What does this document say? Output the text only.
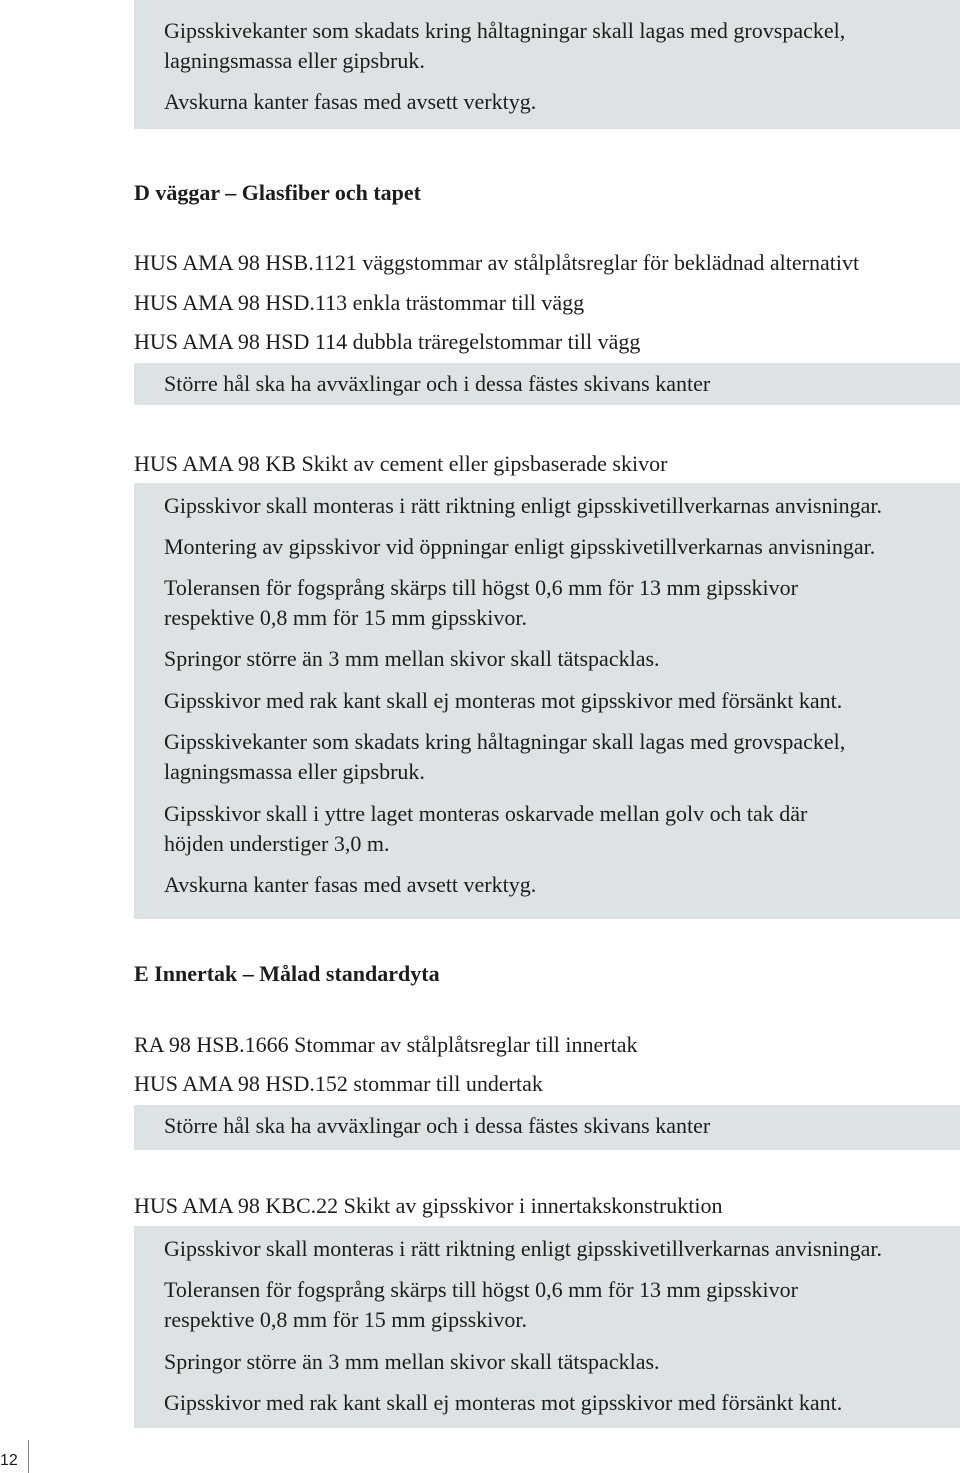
Gipsskivekanter som skadats kring håltagningar skall lagas med grovspackel,
lagningsmassa eller gipsbruk.
Avskurna kanter fasas med avsett verktyg.
D väggar – Glasfiber och tapet
HUS AMA 98 HSB.1121 väggstommar av stålplåtsreglar för beklädnad alternativt
HUS AMA 98 HSD.113 enkla trästommar till vägg
HUS AMA 98 HSD 114 dubbla träregelstommar till vägg
Större hål ska ha avväxlingar och i dessa fästes skivans kanter
HUS AMA 98 KB Skikt av cement eller gipsbaserade skivor
Gipsskivor skall monteras i rätt riktning enligt gipsskivetillverkarnas anvisningar.
Montering av gipsskivor vid öppningar enligt gipsskivetillverkarnas anvisningar.
Toleransen för fogsprång skärps till högst 0,6 mm för 13 mm gipsskivor
respektive 0,8 mm för 15 mm gipsskivor.
Springor större än 3 mm mellan skivor skall tätspacklas.
Gipsskivor med rak kant skall ej monteras mot gipsskivor med försänkt kant.
Gipsskivekanter som skadats kring håltagningar skall lagas med grovspackel,
lagningsmassa eller gipsbruk.
Gipsskivor skall i yttre laget monteras oskarvade mellan golv och tak där
höjden understiger 3,0 m.
Avskurna kanter fasas med avsett verktyg.
E Innertak – Målad standardyta
RA 98 HSB.1666 Stommar av stålplåtsreglar till innertak
HUS AMA 98 HSD.152 stommar till undertak
Större hål ska ha avväxlingar och i dessa fästes skivans kanter
HUS AMA 98 KBC.22 Skikt av gipsskivor i innertakskonstruktion
Gipsskivor skall monteras i rätt riktning enligt gipsskivetillverkarnas anvisningar.
Toleransen för fogsprång skärps till högst 0,6 mm för 13 mm gipsskivor
respektive 0,8 mm för 15 mm gipsskivor.
Springor större än 3 mm mellan skivor skall tätspacklas.
Gipsskivor med rak kant skall ej monteras mot gipsskivor med försänkt kant.
12
